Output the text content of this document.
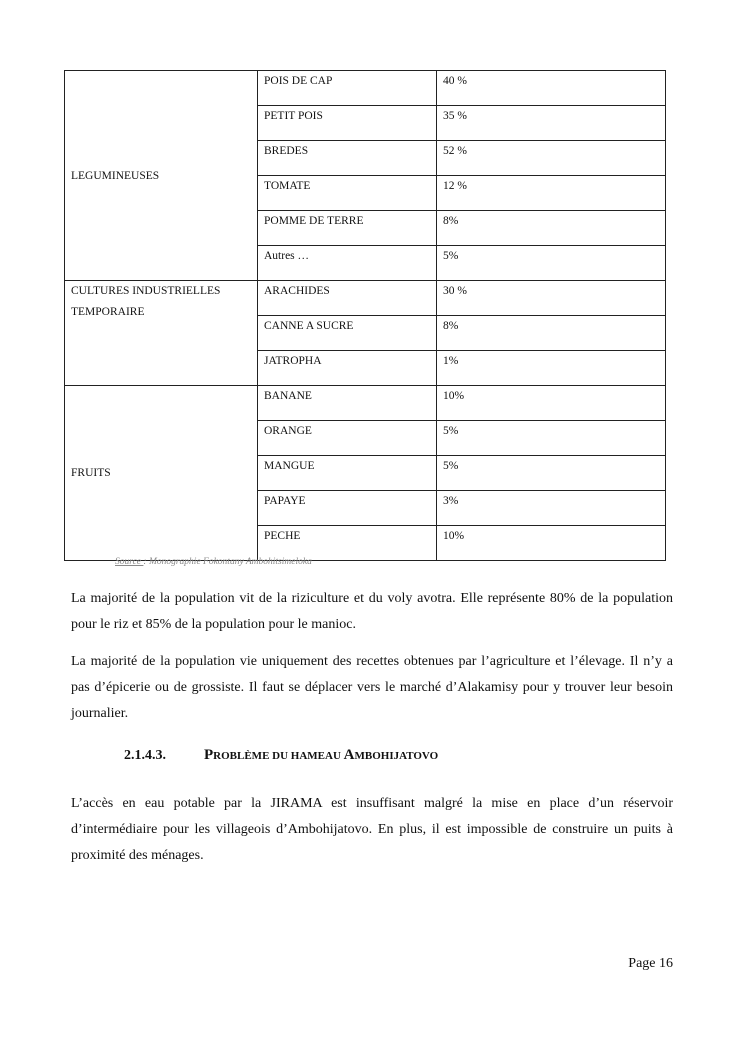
LEGUMINEUSES	POIS DE CAP	40 %
	PETIT POIS	35 %
	BREDES	52 %
	TOMATE	12 %
	POMME DE TERRE	8%
	Autres …	5%
CULTURES INDUSTRIELLES TEMPORAIRE	ARACHIDES	30 %
	CANNE A SUCRE	8%
	JATROPHA	1%
FRUITS	BANANE	10%
	ORANGE	5%
	MANGUE	5%
	PAPAYE	3%
	PECHE	10%
Source : Monographie Fokontany Ambohitsimeloka

La majorité de la population vit de la riziculture et du voly avotra. Elle représente 80% de la population pour le riz et 85% de la population pour le manioc.

La majorité de la population vie uniquement des recettes obtenues par l’agriculture et l’élevage. Il n’y a pas d’épicerie ou de grossiste. Il faut se déplacer vers le marché d’Alakamisy pour y trouver leur besoin journalier.

2.1.4.3.	PROBLÈME DU HAMEAU AMBOHIJATOVO

L’accès en eau potable par la JIRAMA est insuffisant malgré la mise en place d’un réservoir d’intermédiaire pour les villageois d’Ambohijatovo. En plus, il est impossible de construire un puits à proximité des ménages.

Page 16
